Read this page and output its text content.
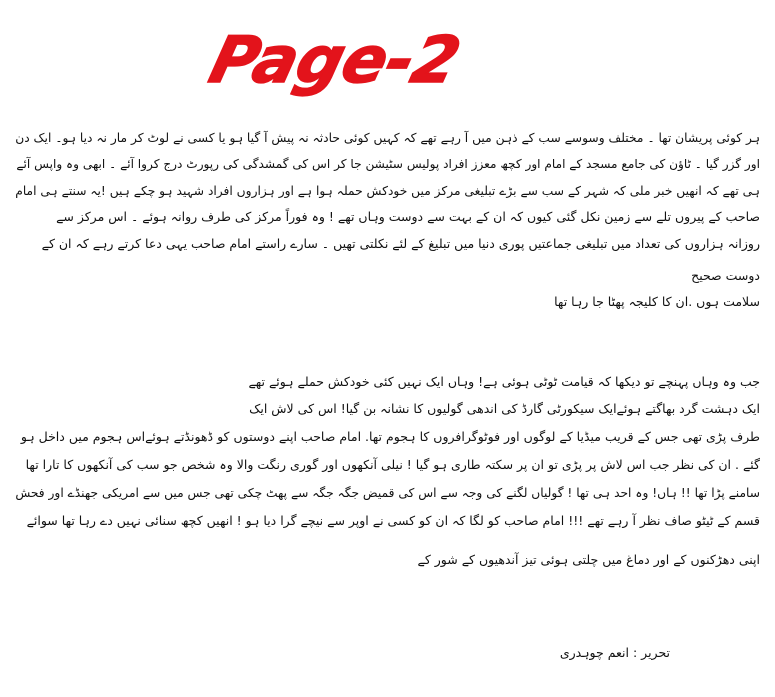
Page-2
ہر کوئی پریشان تھا ۔ مختلف وسوسے سب کے ذہن میں آ رہے تھے کہ کہیں کوئی حادثہ نہ پیش آ گیا ہو یا کسی نے لوٹ کر مار نہ دیا ہو۔ ایک دن
اور گزر گیا ۔ ٹاؤن کی جامع مسجد کے امام اور کچھ معزز افراد پولیس سٹیشن جا کر اس کی گمشدگی کی رپورٹ درج کروا آئے ۔ ابھی وہ واپس آئے
ہی تھے کہ انھیں خبر ملی کہ شہر کے سب سے بڑے تبلیغی مرکز میں خودکش حملہ ہوا ہے اور ہزاروں افراد شہید ہو چکے ہیں !یہ سنتے ہی امام
صاحب کے پیروں تلے سے زمین نکل گئی کیوں کہ ان کے بہت سے دوست وہاں تھے ! وہ فوراً مرکز کی طرف روانہ ہوئے ۔ اس مرکز سے
روزانہ ہزاروں کی تعداد میں تبلیغی جماعتیں پوری دنیا میں تبلیغ کے لئے نکلتی تھیں ۔ سارے راستے امام صاحب یہی دعا کرتے رہے کہ ان کے
دوست صحیح
سلامت ہوں .ان کا کلیجہ پھٹا جا رہا تھا
جب وہ وہاں پہنچے تو دیکھا کہ قیامت ٹوٹی ہوئی ہے! وہاں ایک نہیں کئی خودکش حملے ہوئے تھے
ایک دہشت گرد بھاگتے ہوئےایک سیکورٹی گارڈ کی اندھی گولیوں کا نشانہ بن گیا! اس کی لاش ایک
طرف پڑی تھی جس کے قریب میڈیا کے لوگوں اور فوٹوگرافروں کا ہجوم تھا. امام صاحب اپنے دوستوں کو ڈھونڈتے ہوئےاس ہجوم میں داخل ہو
گئے . ان کی نظر جب اس لاش پر پڑی تو ان پر سکتہ طاری ہو گیا ! نیلی آنکھوں اور گوری رنگت والا وہ شخص جو سب کی آنکھوں کا تارا تھا
سامنے پڑا تھا !! ہاں! وہ احد ہی تھا ! گولیاں لگنے کی وجہ سے اس کی قمیض جگہ جگہ سے پھٹ چکی تھی جس میں سے امریکی جھنڈے اور فحش
قسم کے ٹیٹو صاف نظر آ رہے تھے !!! امام صاحب کو لگا کہ ان کو کسی نے اوپر سے نیچے گرا دیا ہو ! انھیں کچھ سنائی نہیں دے رہا تھا سوائے
اپنی دھڑکنوں کے اور دماغ میں چلتی ہوئی تیز آندھیوں کے شور کے
تحریر : انعم چوہدری
